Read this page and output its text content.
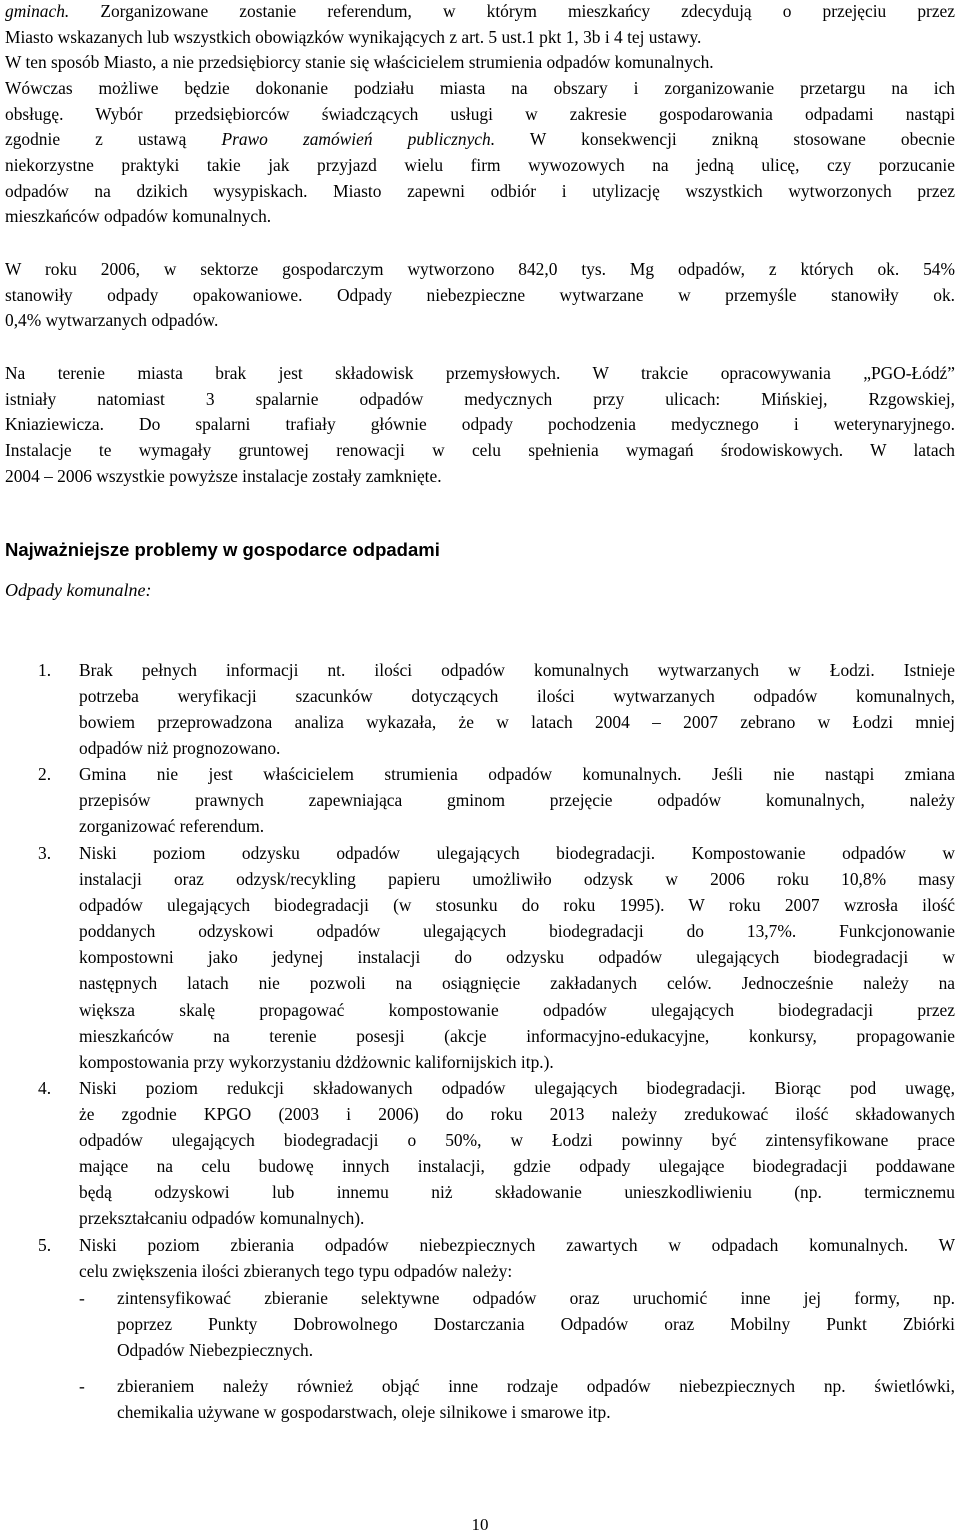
gminach. Zorganizowane zostanie referendum, w którym mieszkańcy zdecydują o przejęciu przez
Miasto wskazanych lub wszystkich obowiązków wynikających z art. 5 ust.1 pkt 1, 3b i 4 tej ustawy.
W ten sposób Miasto, a nie przedsiębiorcy stanie się właścicielem strumienia odpadów komunalnych.
Wówczas możliwe będzie dokonanie podziału miasta na obszary i zorganizowanie przetargu na ich
obsługę. Wybór przedsiębiorców świadczących usługi w zakresie gospodarowania odpadami nastąpi
zgodnie z ustawą Prawo zamówień publicznych. W konsekwencji znikną stosowane obecnie
niekorzystne praktyki takie jak przyjazd wielu firm wywozowych na jedną ulicę, czy porzucanie
odpadów na dzikich wysypiskach. Miasto zapewni odbiór i utylizację wszystkich wytworzonych przez
mieszkańców odpadów komunalnych.
W roku 2006, w sektorze gospodarczym wytworzono 842,0 tys. Mg odpadów, z których ok. 54%
stanowiły odpady opakowaniowe. Odpady niebezpieczne wytwarzane w przemyśle stanowiły ok.
0,4% wytwarzanych odpadów.
Na terenie miasta brak jest składowisk przemysłowych. W trakcie opracowywania „PGO-Łódź”
istniały natomiast 3 spalarnie odpadów medycznych przy ulicach: Mińskiej, Rzgowskiej,
Kniaziewicza. Do spalarni trafiały głównie odpady pochodzenia medycznego i weterynaryjnego.
Instalacje te wymagały gruntowej renowacji w celu spełnienia wymagań środowiskowych. W latach
2004 – 2006 wszystkie powyższe instalacje zostały zamknięte.
Najważniejsze problemy w gospodarce odpadami
Odpady komunalne:
1. Brak pełnych informacji nt. ilości odpadów komunalnych wytwarzanych w Łodzi. Istnieje
potrzeba weryfikacji szacunków dotyczących ilości wytwarzanych odpadów komunalnych,
bowiem przeprowadzona analiza wykazała, że w latach 2004 – 2007 zebrano w Łodzi mniej
odpadów niż prognozowano.
2. Gmina nie jest właścicielem strumienia odpadów komunalnych. Jeśli nie nastąpi zmiana
przepisów prawnych zapewniająca gminom przejęcie odpadów komunalnych, należy
zorganizować referendum.
3. Niski poziom odzysku odpadów ulegających biodegradacji. Kompostowanie odpadów w
instalacji oraz odzysk/recykling papieru umożliwiło odzysk w 2006 roku 10,8% masy
odpadów ulegających biodegradacji (w stosunku do roku 1995). W roku 2007 wzrosła ilość
poddanych odzyskowi odpadów ulegających biodegradacji do 13,7%. Funkcjonowanie
kompostowni jako jedynej instalacji do odzysku odpadów ulegających biodegradacji w
następnych latach nie pozwoli na osiągnięcie zakładanych celów. Jednocześnie należy na
większa skalę propagować kompostowanie odpadów ulegających biodegradacji przez
mieszkańców na terenie posesji (akcje informacyjno-edukacyjne, konkursy, propagowanie
kompostowania przy wykorzystaniu dżdżownic kalifornijskich itp.).
4. Niski poziom redukcji składowanych odpadów ulegających biodegradacji. Biorąc pod uwagę,
że zgodnie KPGO (2003 i 2006) do roku 2013 należy zredukować ilość składowanych
odpadów ulegających biodegradacji o 50%, w Łodzi powinny być zintensyfikowane prace
mające na celu budowę innych instalacji, gdzie odpady ulegające biodegradacji poddawane
będą odzyskowi lub innemu niż składowanie unieszkodliwieniu (np. termicznemu
przekształcaniu odpadów komunalnych).
5. Niski poziom zbierania odpadów niebezpiecznych zawartych w odpadach komunalnych. W
celu zwiększenia ilości zbieranych tego typu odpadów należy:
- zintensyfikować zbieranie selektywne odpadów oraz uruchomić inne jej formy, np.
poprzez Punkty Dobrowolnego Dostarczania Odpadów oraz Mobilny Punkt Zbiórki
Odpadów Niebezpiecznych.
- zbieraniem należy również objąć inne rodzaje odpadów niebezpiecznych np. świetlówki,
chemikalia używane w gospodarstwach, oleje silnikowe i smarowe itp.
10
